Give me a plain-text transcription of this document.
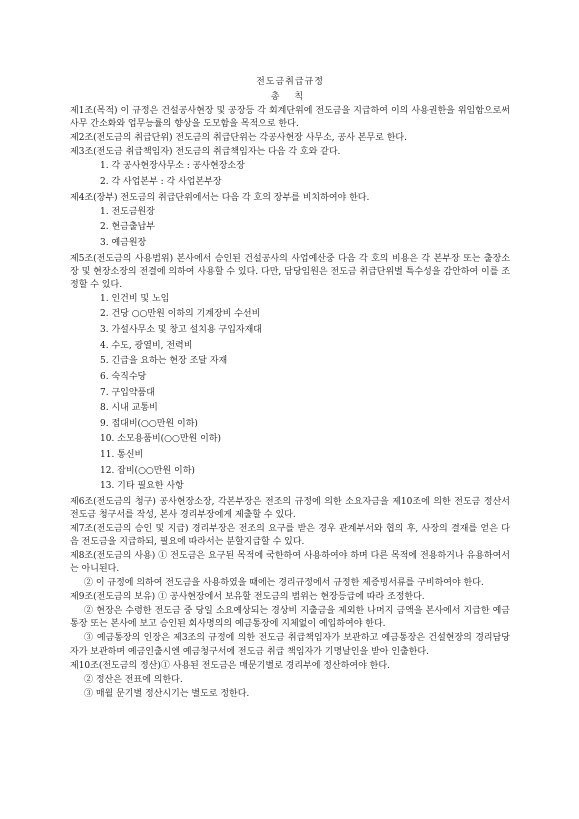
전도금취급규정
총 칙

제1조(목적) 이 규정은 건설공사현장 및 공장등 각 회계단위에 전도금을 지급하여 이의 사용권한을 위임함으로써 사무 간소화와 업무능률의 향상을 도모함을 목적으로 한다.

제2조(전도금의 취급단위) 전도금의 취급단위는 각공사현장 사무소, 공사 본무로 한다.

제3조(전도금 취급책임자) 전도금의 취급책임자는 다음 각 호와 같다.

1. 각 공사현장사무소 : 공사현장소장

2. 각 사업본부 : 각 사업본부장

제4조(장부) 전도금의 취급단위에서는 다음 각 호의 장부를 비치하여야 한다.

1. 전도금원장

2. 현금출납부

3. 예금원장

제5조(전도금의 사용범위) 본사에서 승인된 건설공사의 사업예산중 다음 각 호의 비용은 각 본부장 또는 출장소장 및 현장소장의 전결에 의하여 사용할 수 있다. 다만, 담당임원은 전도금 취급단위별 특수성을 감안하여 이를 조정할 수 있다.

1. 인건비 및 노임

2. 건당 ○○만원 이하의 기계장비 수선비

3. 가설사무소 및 창고 설치용 구입자재대

4. 수도, 광열비, 전력비

5. 긴급을 요하는 현장 조달 자재

6. 숙직수당

7. 구입약품대

8. 시내 교통비

9. 접대비(○○만원 이하)

10. 소모용품비(○○만원 이하)

11. 통신비

12. 잡비(○○만원 이하)

13. 기타 필요한 사항

제6조(전도금의 청구) 공사현장소장, 각본부장은 전조의 규정에 의한 소요자금을 제10조에 의한 전도금 정산서 전도금 청구서를 작성, 본사 경리부장에게 제출할 수 있다.

제7조(전도금의 승인 및 지급) 경리부장은 전조의 요구를 받은 경우 관계부서와 협의 후, 사장의 결재를 얻은 다음 전도금을 지급하되, 필요에 따라서는 분할지급할 수 있다.

제8조(전도금의 사용) ① 전도금은 요구된 목적에 국한하여 사용하여야 하며 다른 목적에 전용하거나 유용하여서는 아니된다.

② 이 규정에 의하여 전도금을 사용하였을 때에는 경리규정에서 규정한 제증빙서류를 구비하여야 한다.

제9조(전도금의 보유) ① 공사현장에서 보유할 전도금의 범위는 현장등급에 따라 조정한다.

② 현장은 수령한 전도금 중 당일 소요예상되는 경상비 지출금을 제외한 나머지 금액을 본사에서 지급한 예금통장 또는 본사에 보고 승인된 회사명의의 예금통장에 지체없이 예입하여야 한다.

③ 예금통장의 인장은 제3조의 규정에 의한 전도금 취급책임자가 보관하고 예금통장은 건설현장의 경리담당자가 보관하며 예금인출시엔 예금청구서에 전도금 취급 책임자가 기명날인을 받아 인출한다.

제10조(전도금의 정산)① 사용된 전도금은 매문기별로 경리부에 정산하여야 한다.

② 정산은 전표에 의한다.

③ 매월 문기별 정산시기는 별도로 정한다.
